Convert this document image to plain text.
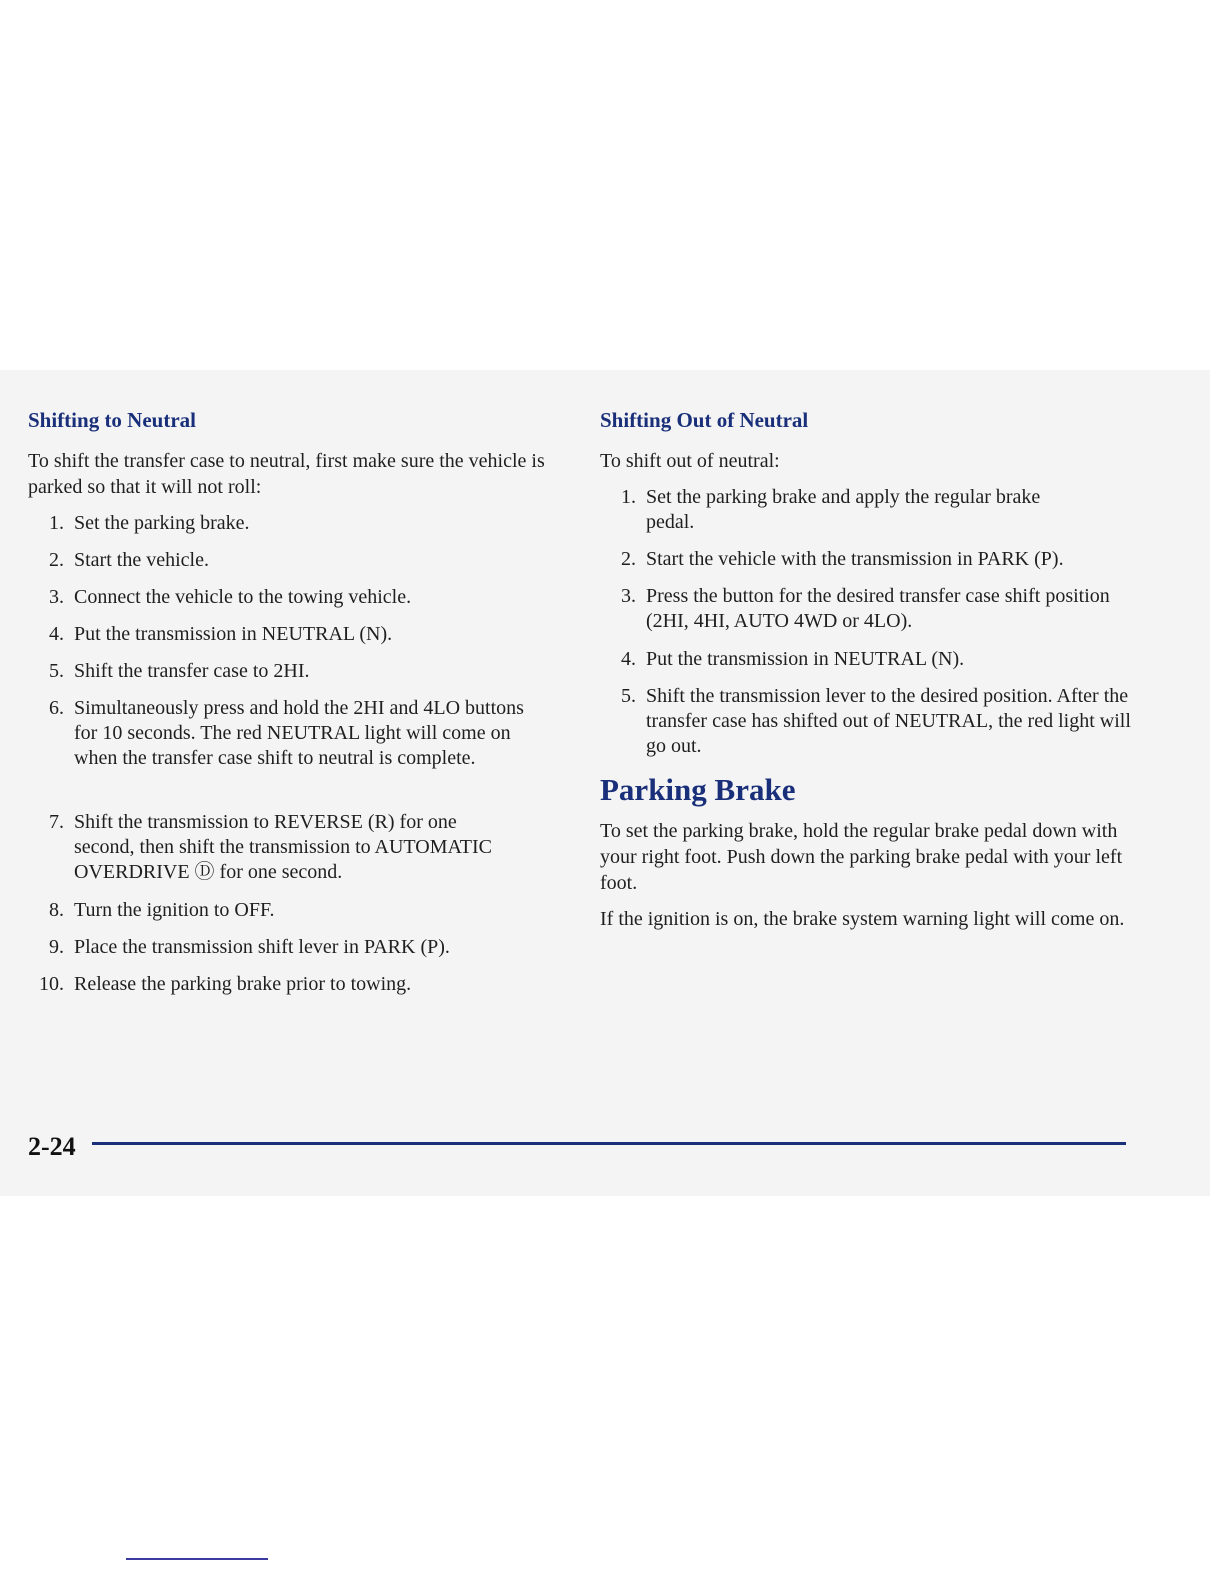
Shifting to Neutral

To shift the transfer case to neutral, first make sure the vehicle is parked so that it will not roll:

1. Set the parking brake.
2. Start the vehicle.
3. Connect the vehicle to the towing vehicle.
4. Put the transmission in NEUTRAL (N).
5. Shift the transfer case to 2HI.
6. Simultaneously press and hold the 2HI and 4LO buttons for 10 seconds. The red NEUTRAL light will come on when the transfer case shift to neutral is complete.
7. Shift the transmission to REVERSE (R) for one second, then shift the transmission to AUTOMATIC OVERDRIVE Ⓓ for one second.
8. Turn the ignition to OFF.
9. Place the transmission shift lever in PARK (P).
10. Release the parking brake prior to towing.
Shifting Out of Neutral

To shift out of neutral:

1. Set the parking brake and apply the regular brake pedal.
2. Start the vehicle with the transmission in PARK (P).
3. Press the button for the desired transfer case shift position (2HI, 4HI, AUTO 4WD or 4LO).
4. Put the transmission in NEUTRAL (N).
5. Shift the transmission lever to the desired position. After the transfer case has shifted out of NEUTRAL, the red light will go out.
Parking Brake

To set the parking brake, hold the regular brake pedal down with your right foot. Push down the parking brake pedal with your left foot.

If the ignition is on, the brake system warning light will come on.

2-24
